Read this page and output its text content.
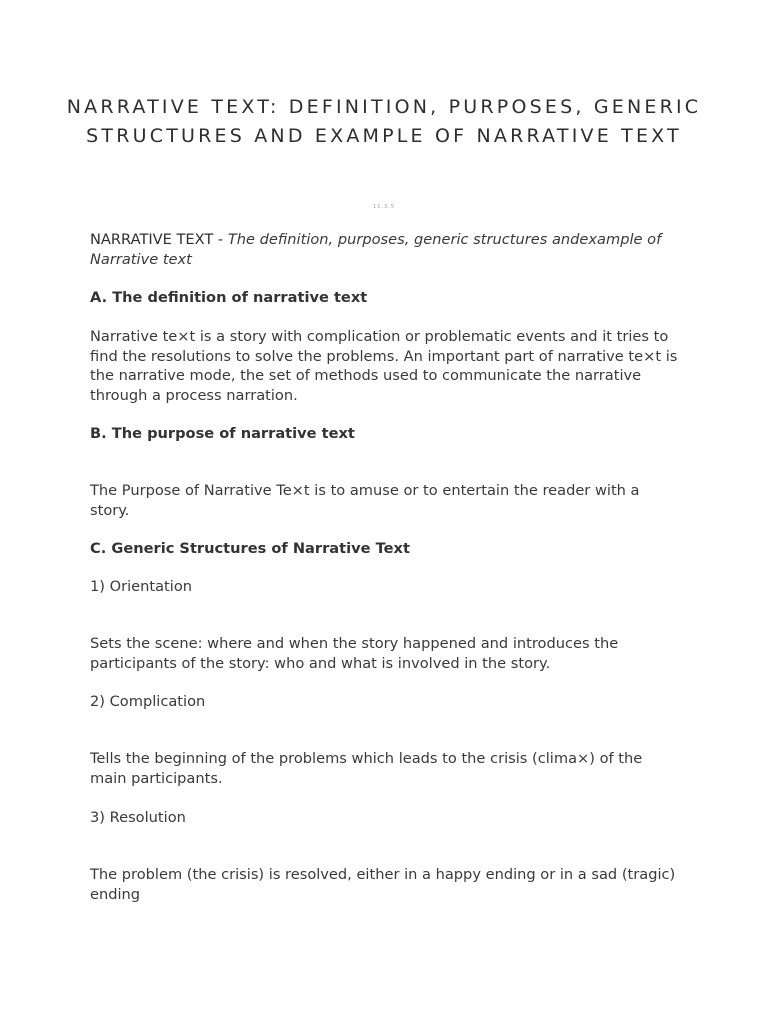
NARRATIVE TEXT: DEFINITION, PURPOSES, GENERIC STRUCTURES AND EXAMPLE OF NARRATIVE TEXT
11.3.5

NARRATIVE TEXT - The definition, purposes, generic structures andexample of Narrative text

A. The definition of narrative text

Narrative te×t is a story with complication or problematic events and it tries to find the resolutions to solve the problems. An important part of narrative te×t is the narrative mode, the set of methods used to communicate the narrative through a process narration.

B. The purpose of narrative text

The Purpose of Narrative Te×t is to amuse or to entertain the reader with a story.

C. Generic Structures of Narrative Text

1) Orientation

Sets the scene: where and when the story happened and introduces the participants of the story: who and what is involved in the story.

2) Complication

Tells the beginning of the problems which leads to the crisis (clima×) of the main participants.

3) Resolution

The problem (the crisis) is resolved, either in a happy ending or in a sad (tragic) ending
